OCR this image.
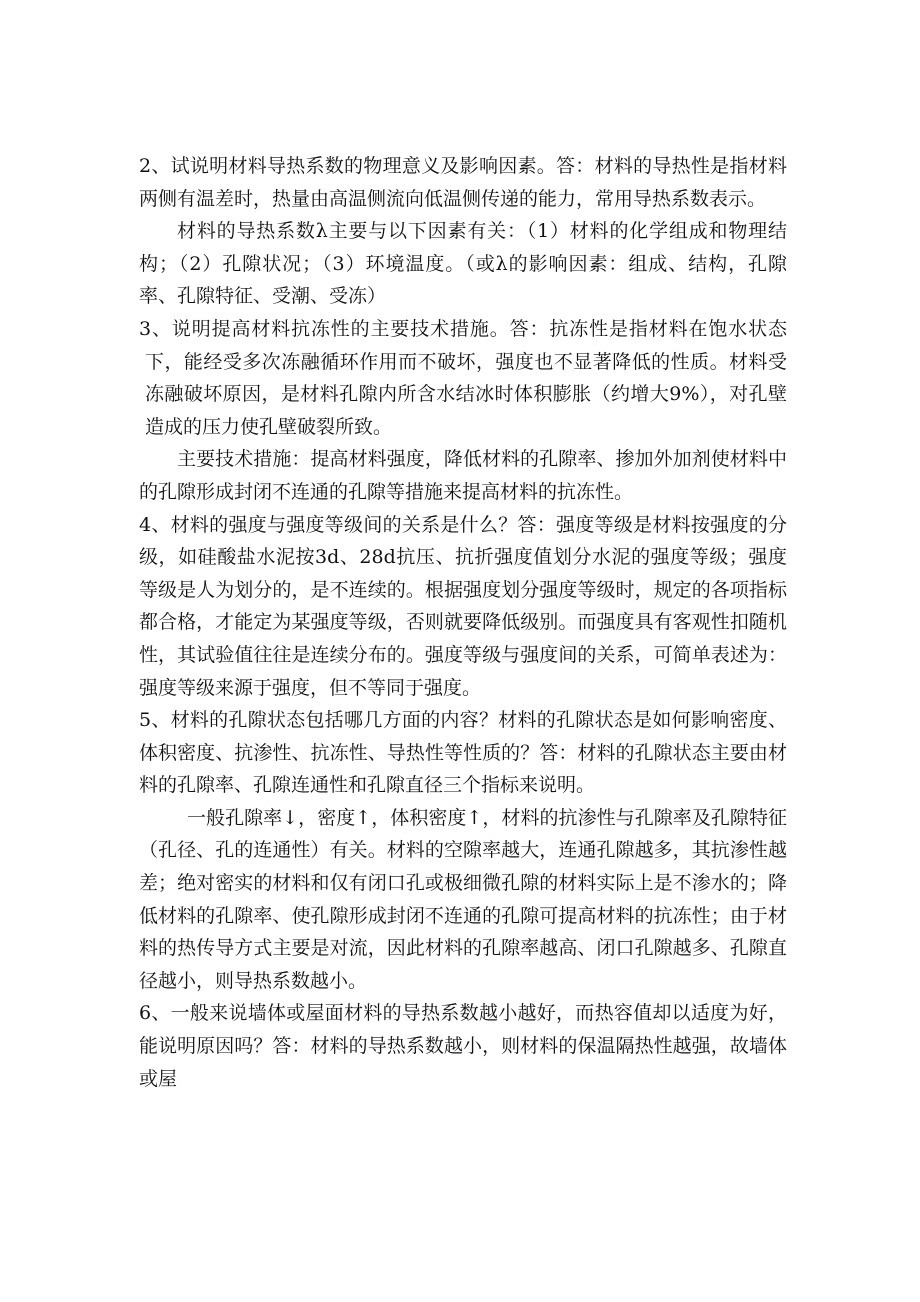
2、试说明材料导热系数的物理意义及影响因素。答：材料的导热性是指材料两侧有温差时，热量由高温侧流向低温侧传递的能力，常用导热系数表示。

材料的导热系数λ主要与以下因素有关：（1）材料的化学组成和物理结构；（2）孔隙状况；（3）环境温度。（或λ的影响因素：组成、结构，孔隙率、孔隙特征、受潮、受冻）

3、说明提高材料抗冻性的主要技术措施。答：抗冻性是指材料在饱水状态下，能经受多次冻融循环作用而不破坏，强度也不显著降低的性质。材料受冻融破坏原因，是材料孔隙内所含水结冰时体积膨胀（约增大9%），对孔壁造成的压力使孔壁破裂所致。

主要技术措施：提高材料强度，降低材料的孔隙率、掺加外加剂使材料中的孔隙形成封闭不连通的孔隙等措施来提高材料的抗冻性。

4、材料的强度与强度等级间的关系是什么？答：强度等级是材料按强度的分级，如硅酸盐水泥按3d、28d抗压、抗折强度值划分水泥的强度等级；强度等级是人为划分的，是不连续的。根据强度划分强度等级时，规定的各项指标都合格，才能定为某强度等级，否则就要降低级别。而强度具有客观性扣随机性，其试验值往往是连续分布的。强度等级与强度间的关系，可简单表述为：强度等级来源于强度，但不等同于强度。

5、材料的孔隙状态包括哪几方面的内容？材料的孔隙状态是如何影响密度、体积密度、抗渗性、抗冻性、导热性等性质的？答：材料的孔隙状态主要由材料的孔隙率、孔隙连通性和孔隙直径三个指标来说明。

一般孔隙率↓，密度↑，体积密度↑，材料的抗渗性与孔隙率及孔隙特征（孔径、孔的连通性）有关。材料的空隙率越大，连通孔隙越多，其抗渗性越差；绝对密实的材料和仅有闭口孔或极细微孔隙的材料实际上是不渗水的；降低材料的孔隙率、使孔隙形成封闭不连通的孔隙可提高材料的抗冻性；由于材料的热传导方式主要是对流，因此材料的孔隙率越高、闭口孔隙越多、孔隙直径越小，则导热系数越小。

6、一般来说墙体或屋面材料的导热系数越小越好，而热容值却以适度为好，能说明原因吗？答：材料的导热系数越小，则材料的保温隔热性越强，故墙体或屋
